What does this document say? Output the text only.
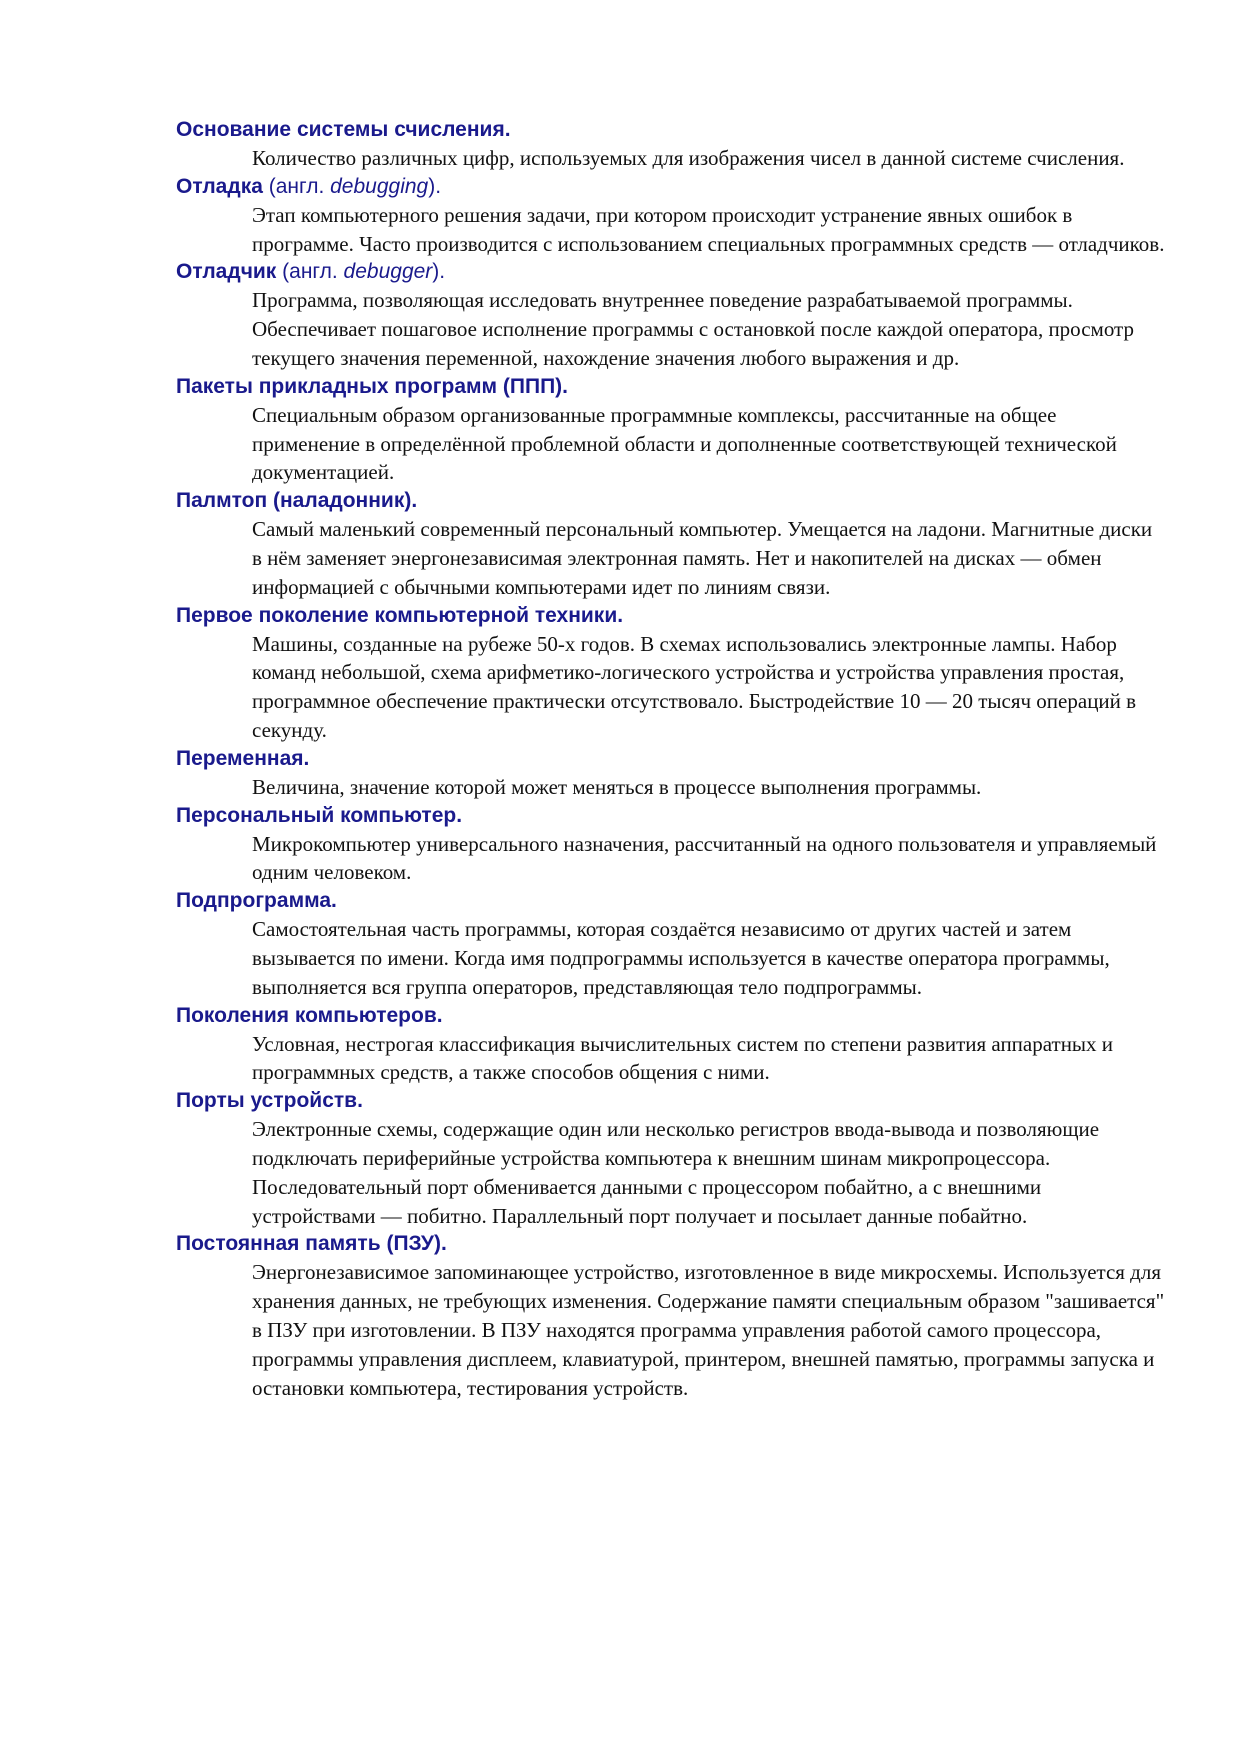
Основание системы счисления.
Количество различных цифр, используемых для изображения чисел в данной системе счисления.
Отладка (англ. debugging).
Этап компьютерного решения задачи, при котором происходит устранение явных ошибок в программе. Часто производится с использованием специальных программных средств — отладчиков.
Отладчик (англ. debugger).
Программа, позволяющая исследовать внутреннее поведение разрабатываемой программы. Обеспечивает пошаговое исполнение программы с остановкой после каждой оператора, просмотр текущего значения переменной, нахождение значения любого выражения и др.
Пакеты прикладных программ (ППП).
Специальным образом организованные программные комплексы, рассчитанные на общее применение в определённой проблемной области и дополненные соответствующей технической документацией.
Палмтоп (наладонник).
Самый маленький современный персональный компьютер. Умещается на ладони. Магнитные диски в нём заменяет энергонезависимая электронная память. Нет и накопителей на дисках — обмен информацией с обычными компьютерами идет по линиям связи.
Первое поколение компьютерной техники.
Машины, созданные на рубеже 50-х годов. В схемах использовались электронные лампы. Набор команд небольшой, схема арифметико-логического устройства и устройства управления простая, программное обеспечение практически отсутствовало. Быстродействие 10 — 20 тысяч операций в секунду.
Переменная.
Величина, значение которой может меняться в процессе выполнения программы.
Персональный компьютер.
Микрокомпьютер универсального назначения, рассчитанный на одного пользователя и управляемый одним человеком.
Подпрограмма.
Самостоятельная часть программы, которая создаётся независимо от других частей и затем вызывается по имени. Когда имя подпрограммы используется в качестве оператора программы, выполняется вся группа операторов, представляющая тело подпрограммы.
Поколения компьютеров.
Условная, нестрогая классификация вычислительных систем по степени развития аппаратных и программных средств, а также способов общения с ними.
Порты устройств.
Электронные схемы, содержащие один или несколько регистров ввода-вывода и позволяющие подключать периферийные устройства компьютера к внешним шинам микропроцессора. Последовательный порт обменивается данными с процессором побайтно, а с внешними устройствами — побитно. Параллельный порт получает и посылает данные побайтно.
Постоянная память (ПЗУ).
Энергонезависимое запоминающее устройство, изготовленное в виде микросхемы. Используется для хранения данных, не требующих изменения. Содержание памяти специальным образом "зашивается" в ПЗУ при изготовлении. В ПЗУ находятся программа управления работой самого процессора, программы управления дисплеем, клавиатурой, принтером, внешней памятью, программы запуска и остановки компьютера, тестирования устройств.
